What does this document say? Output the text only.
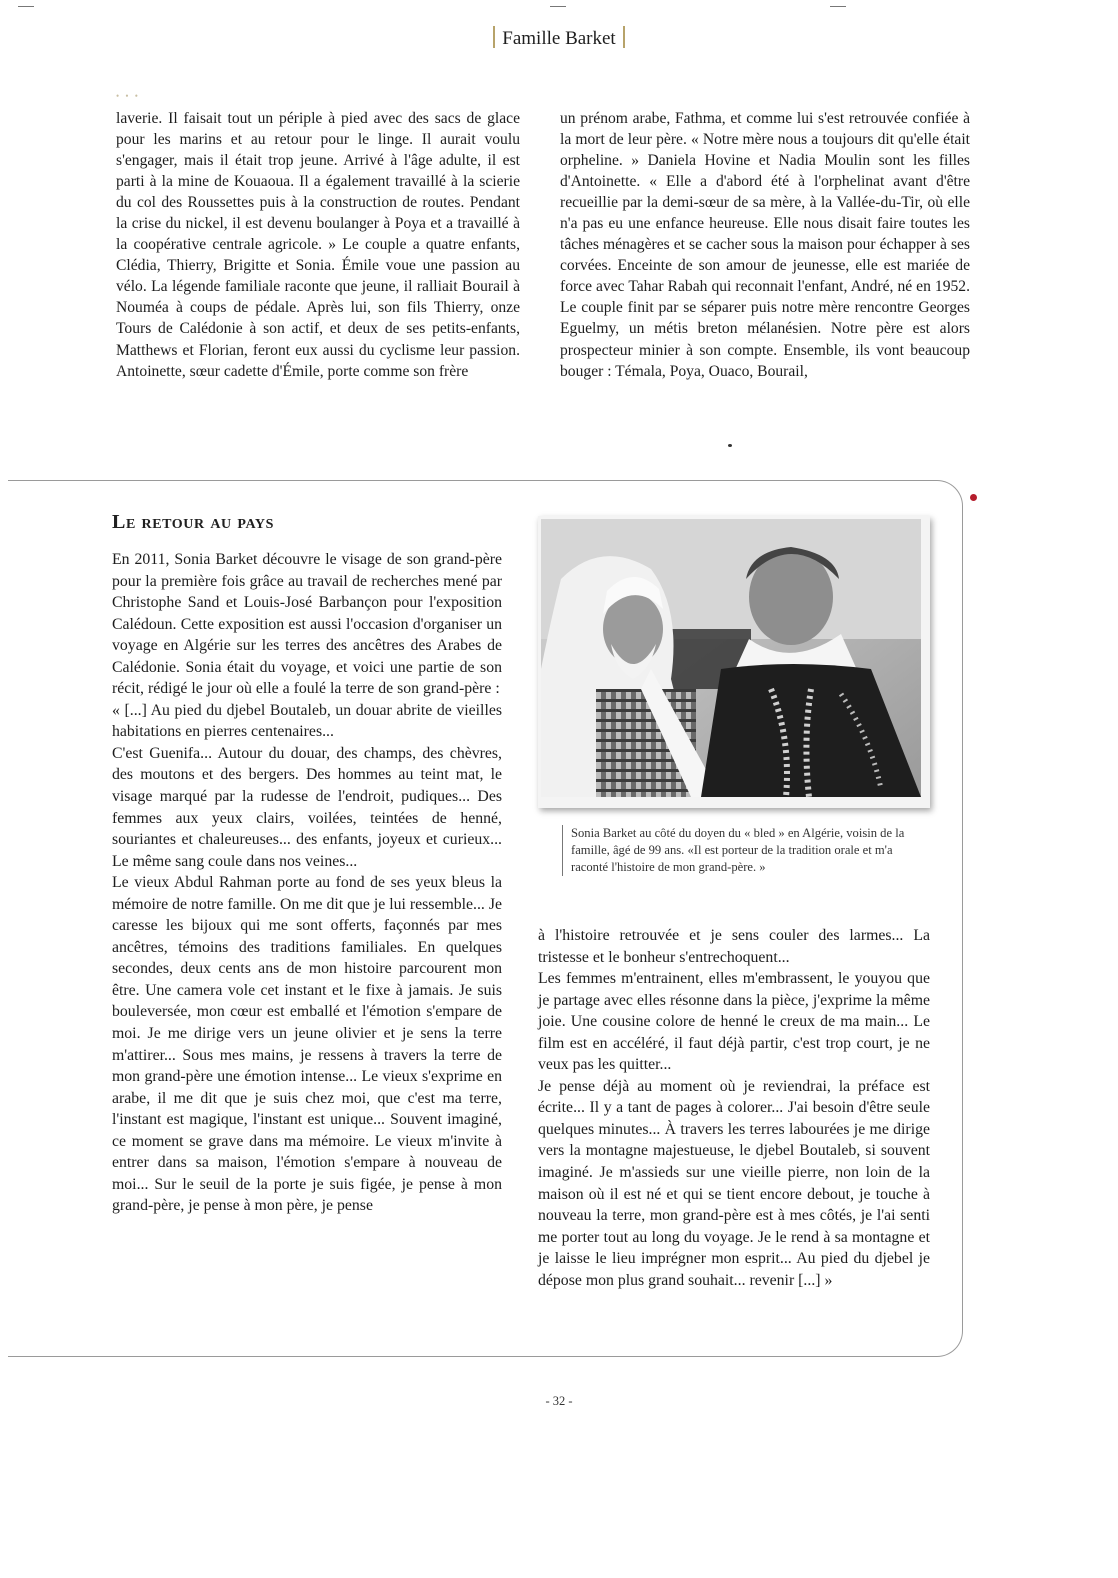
Famille Barket
• • •

laverie. Il faisait tout un périple à pied avec des sacs de glace pour les marins et au retour pour le linge. Il aurait voulu s'engager, mais il était trop jeune. Arrivé à l'âge adulte, il est parti à la mine de Kouaoua. Il a également travaillé à la scierie du col des Roussettes puis à la construction de routes. Pendant la crise du nickel, il est devenu boulanger à Poya et a travaillé à la coopérative centrale agricole. » Le couple a quatre enfants, Clédia, Thierry, Brigitte et Sonia. Émile voue une passion au vélo. La légende familiale raconte que jeune, il ralliait Bourail à Nouméa à coups de pédale. Après lui, son fils Thierry, onze Tours de Calédonie à son actif, et deux de ses petits-enfants, Matthews et Florian, feront eux aussi du cyclisme leur passion. Antoinette, sœur cadette d'Émile, porte comme son frère

un prénom arabe, Fathma, et comme lui s'est retrouvée confiée à la mort de leur père. « Notre mère nous a toujours dit qu'elle était orpheline. » Daniela Hovine et Nadia Moulin sont les filles d'Antoinette. « Elle a d'abord été à l'orphelinat avant d'être recueillie par la demi-sœur de sa mère, à la Vallée-du-Tir, où elle n'a pas eu une enfance heureuse. Elle nous disait faire toutes les tâches ménagères et se cacher sous la maison pour échapper à ses corvées. Enceinte de son amour de jeunesse, elle est mariée de force avec Tahar Rabah qui reconnait l'enfant, André, né en 1952. Le couple finit par se séparer puis notre mère rencontre Georges Eguelmy, un métis breton mélanésien. Notre père est alors prospecteur minier à son compte. Ensemble, ils vont beaucoup bouger : Témala, Poya, Ouaco, Bourail,

Le retour au pays

En 2011, Sonia Barket découvre le visage de son grand-père pour la première fois grâce au travail de recherches mené par Christophe Sand et Louis-José Barbançon pour l'exposition Calédoun. Cette exposition est aussi l'occasion d'organiser un voyage en Algérie sur les terres des ancêtres des Arabes de Calédonie. Sonia était du voyage, et voici une partie de son récit, rédigé le jour où elle a foulé la terre de son grand-père :

« [...] Au pied du djebel Boutaleb, un douar abrite de vieilles habitations en pierres centenaires...

C'est Guenifa... Autour du douar, des champs, des chèvres, des moutons et des bergers. Des hommes au teint mat, le visage marqué par la rudesse de l'endroit, pudiques... Des femmes aux yeux clairs, voilées, teintées de henné, souriantes et chaleureuses... des enfants, joyeux et curieux... Le même sang coule dans nos veines...

Le vieux Abdul Rahman porte au fond de ses yeux bleus la mémoire de notre famille. On me dit que je lui ressemble... Je caresse les bijoux qui me sont offerts, façonnés par mes ancêtres, témoins des traditions familiales. En quelques secondes, deux cents ans de mon histoire parcourent mon être. Une camera vole cet instant et le fixe à jamais. Je suis bouleversée, mon cœur est emballé et l'émotion s'empare de moi. Je me dirige vers un jeune olivier et je sens la terre m'attirer... Sous mes mains, je ressens à travers la terre de mon grand-père une émotion intense... Le vieux s'exprime en arabe, il me dit que je suis chez moi, que c'est ma terre, l'instant est magique, l'instant est unique... Souvent imaginé, ce moment se grave dans ma mémoire. Le vieux m'invite à entrer dans sa maison, l'émotion s'empare à nouveau de moi... Sur le seuil de la porte je suis figée, je pense à mon grand-père, je pense à mon père, je pense

Sonia Barket au côté du doyen du « bled » en Algérie, voisin de la famille, âgé de 99 ans. «Il est porteur de la tradition orale et m'a raconté l'histoire de mon grand-père. »

à l'histoire retrouvée et je sens couler des larmes... La tristesse et le bonheur s'entrechoquent...

Les femmes m'entrainent, elles m'embrassent, le youyou que je partage avec elles résonne dans la pièce, j'exprime la même joie. Une cousine colore de henné le creux de ma main... Le film est en accéléré, il faut déjà partir, c'est trop court, je ne veux pas les quitter...

Je pense déjà au moment où je reviendrai, la préface est écrite... Il y a tant de pages à colorer... J'ai besoin d'être seule quelques minutes... À travers les terres labourées je me dirige vers la montagne majestueuse, le djebel Boutaleb, si souvent imaginé. Je m'assieds sur une vieille pierre, non loin de la maison où il est né et qui se tient encore debout, je touche à nouveau la terre, mon grand-père est à mes côtés, je l'ai senti me porter tout au long du voyage. Je le rend à sa montagne et je laisse le lieu imprégner mon esprit... Au pied du djebel je dépose mon plus grand souhait... revenir [...] »

- 32 -
